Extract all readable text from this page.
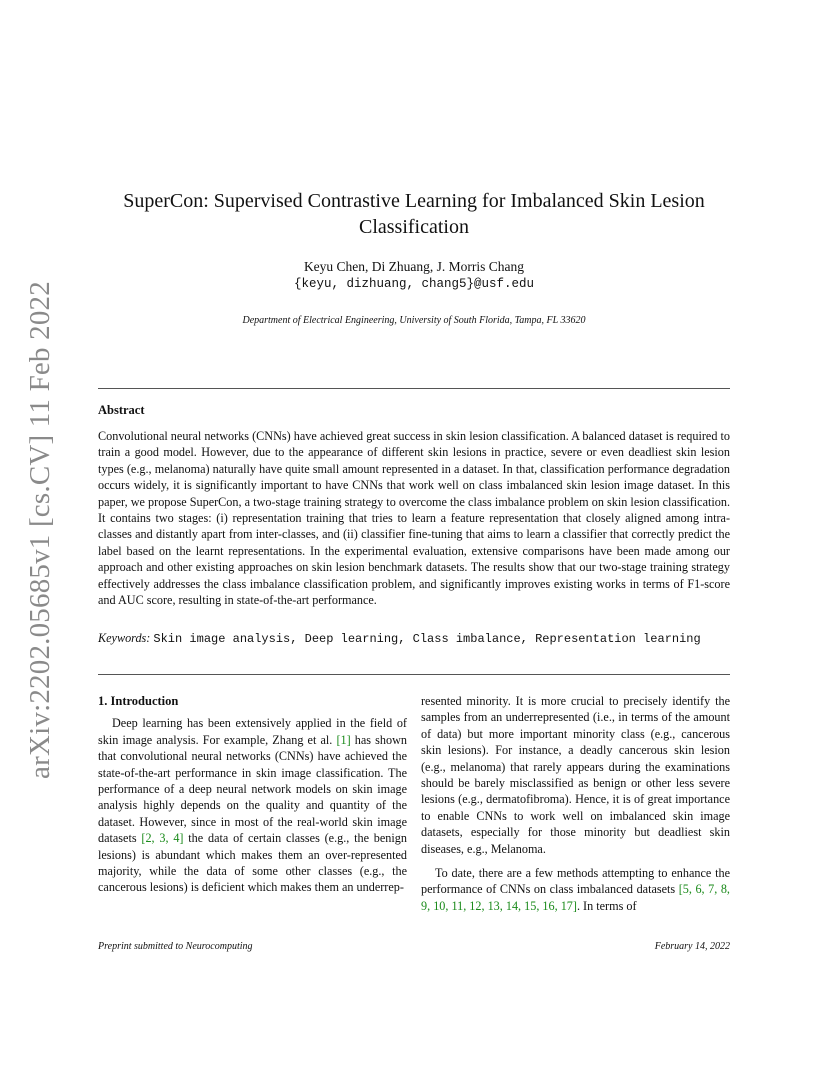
arXiv:2202.05685v1 [cs.CV] 11 Feb 2022
SuperCon: Supervised Contrastive Learning for Imbalanced Skin Lesion Classification
Keyu Chen, Di Zhuang, J. Morris Chang
{keyu, dizhuang, chang5}@usf.edu
Department of Electrical Engineering, University of South Florida, Tampa, FL 33620
Abstract
Convolutional neural networks (CNNs) have achieved great success in skin lesion classification. A balanced dataset is required to train a good model. However, due to the appearance of different skin lesions in practice, severe or even deadliest skin lesion types (e.g., melanoma) naturally have quite small amount represented in a dataset. In that, classification performance degradation occurs widely, it is significantly important to have CNNs that work well on class imbalanced skin lesion image dataset. In this paper, we propose SuperCon, a two-stage training strategy to overcome the class imbalance problem on skin lesion classification. It contains two stages: (i) representation training that tries to learn a feature representation that closely aligned among intra-classes and distantly apart from inter-classes, and (ii) classifier fine-tuning that aims to learn a classifier that correctly predict the label based on the learnt representations. In the experimental evaluation, extensive comparisons have been made among our approach and other existing approaches on skin lesion benchmark datasets. The results show that our two-stage training strategy effectively addresses the class imbalance classification problem, and significantly improves existing works in terms of F1-score and AUC score, resulting in state-of-the-art performance.
Keywords: Skin image analysis, Deep learning, Class imbalance, Representation learning
1. Introduction

Deep learning has been extensively applied in the field of skin image analysis. For example, Zhang et al. [1] has shown that convolutional neural networks (CNNs) have achieved the state-of-the-art performance in skin image classification. The performance of a deep neural network models on skin image analysis highly depends on the quality and quantity of the dataset. However, since in most of the real-world skin image datasets [2, 3, 4] the data of certain classes (e.g., the benign lesions) is abundant which makes them an over-represented majority, while the data of some other classes (e.g., the cancerous lesions) is deficient which makes them an underrep-

resented minority. It is more crucial to precisely identify the samples from an underrepresented (i.e., in terms of the amount of data) but more important minority class (e.g., cancerous skin lesions). For instance, a deadly cancerous skin lesion (e.g., melanoma) that rarely appears during the examinations should be barely misclassified as benign or other less severe lesions (e.g., dermatofibroma). Hence, it is of great importance to enable CNNs to work well on imbalanced skin image datasets, especially for those minority but deadliest skin diseases, e.g., Melanoma.

To date, there are a few methods attempting to enhance the performance of CNNs on class imbalanced datasets [5, 6, 7, 8, 9, 10, 11, 12, 13, 14, 15, 16, 17]. In terms of

Preprint submitted to Neurocomputing	February 14, 2022
